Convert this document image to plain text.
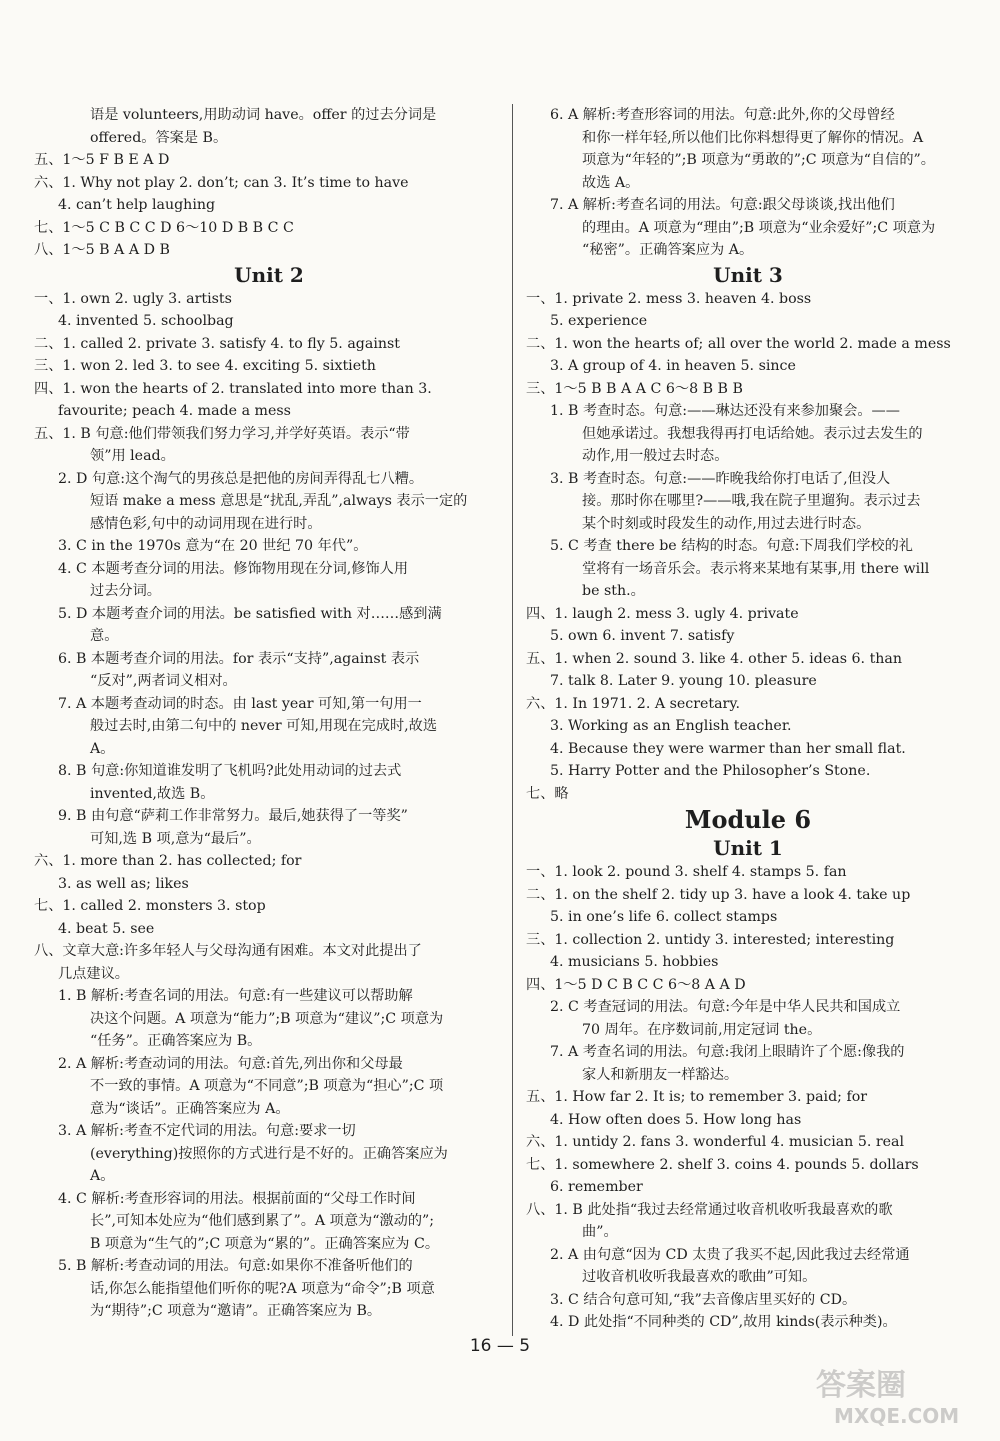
语是 volunteers,用助动词 have。offer 的过去分词是
offered。答案是 B。
五、1～5 F B E A D
六、1. Why not play 2. don’t; can 3. It’s time to have
4. can’t help laughing
七、1～5 C B C C D 6～10 D B B C C
八、1～5 B A A D B
Unit 2
一、1. own 2. ugly 3. artists
4. invented 5. schoolbag
二、1. called 2. private 3. satisfy 4. to fly 5. against
三、1. won 2. led 3. to see 4. exciting 5. sixtieth
四、1. won the hearts of 2. translated into more than 3.
favourite; peach 4. made a mess
五、1. B 句意:他们带领我们努力学习,并学好英语。表示“带
领”用 lead。
2. D 句意:这个淘气的男孩总是把他的房间弄得乱七八糟。
短语 make a mess 意思是“扰乱,弄乱”,always 表示一定的
感情色彩,句中的动词用现在进行时。
3. C in the 1970s 意为“在 20 世纪 70 年代”。
4. C 本题考查分词的用法。修饰物用现在分词,修饰人用
过去分词。
5. D 本题考查介词的用法。be satisfied with 对……感到满
意。
6. B 本题考查介词的用法。for 表示“支持”,against 表示
“反对”,两者词义相对。
7. A 本题考查动词的时态。由 last year 可知,第一句用一
般过去时,由第二句中的 never 可知,用现在完成时,故选
A。
8. B 句意:你知道谁发明了飞机吗?此处用动词的过去式
invented,故选 B。
9. B 由句意“萨莉工作非常努力。最后,她获得了一等奖”
可知,选 B 项,意为“最后”。
六、1. more than 2. has collected; for
3. as well as; likes
七、1. called 2. monsters 3. stop
4. beat 5. see
八、文章大意:许多年轻人与父母沟通有困难。本文对此提出了
几点建议。
1. B 解析:考查名词的用法。句意:有一些建议可以帮助解
决这个问题。A 项意为“能力”;B 项意为“建议”;C 项意为
“任务”。正确答案应为 B。
2. A 解析:考查动词的用法。句意:首先,列出你和父母最
不一致的事情。A 项意为“不同意”;B 项意为“担心”;C 项
意为“谈话”。正确答案应为 A。
3. A 解析:考查不定代词的用法。句意:要求一切
(everything)按照你的方式进行是不好的。正确答案应为
A。
4. C 解析:考查形容词的用法。根据前面的“父母工作时间
长”,可知本处应为“他们感到累了”。A 项意为“激动的”;
B 项意为“生气的”;C 项意为“累的”。正确答案应为 C。
5. B 解析:考查动词的用法。句意:如果你不准备听他们的
话,你怎么能指望他们听你的呢?A 项意为“命令”;B 项意
为“期待”;C 项意为“邀请”。正确答案应为 B。
6. A 解析:考查形容词的用法。句意:此外,你的父母曾经
和你一样年轻,所以他们比你料想得更了解你的情况。A
项意为“年轻的”;B 项意为“勇敢的”;C 项意为“自信的”。
故选 A。
7. A 解析:考查名词的用法。句意:跟父母谈谈,找出他们
的理由。A 项意为“理由”;B 项意为“业余爱好”;C 项意为
“秘密”。正确答案应为 A。
Unit 3
一、1. private 2. mess 3. heaven 4. boss
5. experience
二、1. won the hearts of; all over the world 2. made a mess
3. A group of 4. in heaven 5. since
三、1～5 B B A A C 6～8 B B B
1. B 考查时态。句意:——琳达还没有来参加聚会。——
但她承诺过。我想我得再打电话给她。表示过去发生的
动作,用一般过去时态。
3. B 考查时态。句意:——昨晚我给你打电话了,但没人
接。那时你在哪里?——哦,我在院子里遛狗。表示过去
某个时刻或时段发生的动作,用过去进行时态。
5. C 考查 there be 结构的时态。句意:下周我们学校的礼
堂将有一场音乐会。表示将来某地有某事,用 there will
be sth.。
四、1. laugh 2. mess 3. ugly 4. private
5. own 6. invent 7. satisfy
五、1. when 2. sound 3. like 4. other 5. ideas 6. than
7. talk 8. Later 9. young 10. pleasure
六、1. In 1971. 2. A secretary.
3. Working as an English teacher.
4. Because they were warmer than her small flat.
5. Harry Potter and the Philosopher’s Stone.
七、略
Module 6
Unit 1
一、1. look 2. pound 3. shelf 4. stamps 5. fan
二、1. on the shelf 2. tidy up 3. have a look 4. take up
5. in one’s life 6. collect stamps
三、1. collection 2. untidy 3. interested; interesting
4. musicians 5. hobbies
四、1～5 D C B C C 6～8 A A D
2. C 考查冠词的用法。句意:今年是中华人民共和国成立
70 周年。在序数词前,用定冠词 the。
7. A 考查名词的用法。句意:我闭上眼睛许了个愿:像我的
家人和新朋友一样豁达。
五、1. How far 2. It is; to remember 3. paid; for
4. How often does 5. How long has
六、1. untidy 2. fans 3. wonderful 4. musician 5. real
七、1. somewhere 2. shelf 3. coins 4. pounds 5. dollars
6. remember
八、1. B 此处指“我过去经常通过收音机收听我最喜欢的歌
曲”。
2. A 由句意“因为 CD 太贵了我买不起,因此我过去经常通
过收音机收听我最喜欢的歌曲”可知。
3. C 结合句意可知,“我”去音像店里买好的 CD。
4. D 此处指“不同种类的 CD”,故用 kinds(表示种类)。
16 — 5
答案圈
MXQE.COM
